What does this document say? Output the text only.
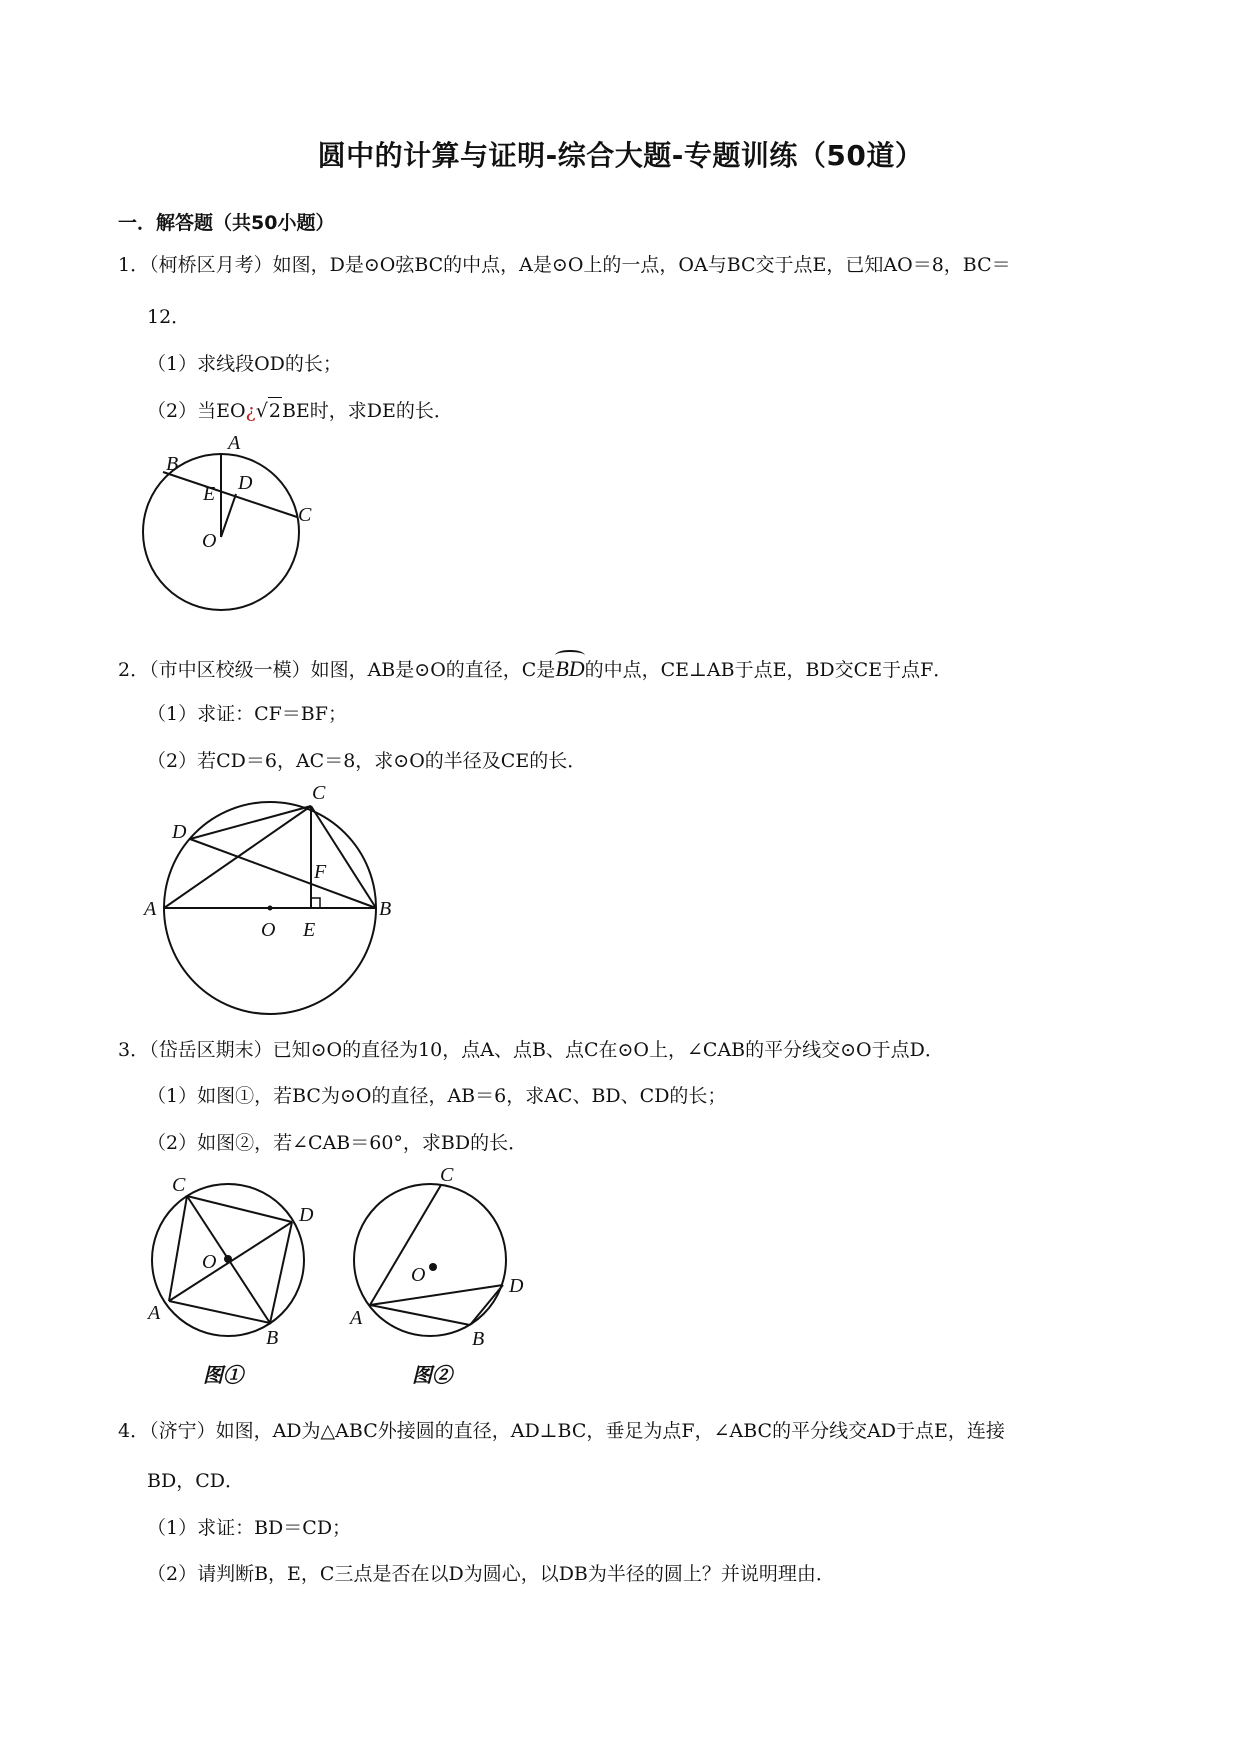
圆中的计算与证明-综合大题-专题训练（50道）
一．解答题（共50小题）
1．（柯桥区月考）如图，D是⊙O弦BC的中点，A是⊙O上的一点，OA与BC交于点E，已知AO＝8，BC＝
12．
（1）求线段OD的长；
（2）当EO¿√2BE时，求DE的长．
A
B
D
E
C
O
2．（市中区校级一模）如图，AB是⊙O的直径，C是BD的中点，CE⊥AB于点E，BD交CE于点F．
（1）求证：CF＝BF；
（2）若CD＝6，AC＝8，求⊙O的半径及CE的长．
C
D
F
A	B
O E
3．（岱岳区期末）已知⊙O的直径为10，点A、点B、点C在⊙O上，∠CAB的平分线交⊙O于点D．
（1）如图①，若BC为⊙O的直径，AB＝6，求AC、BD、CD的长；
（2）如图②，若∠CAB＝60°，求BD的长．
C
D
O
A
B
图①
C
O	D
A
B
图②
4．（济宁）如图，AD为△ABC外接圆的直径，AD⊥BC，垂足为点F，∠ABC的平分线交AD于点E，连接
BD，CD．
（1）求证：BD＝CD；
（2）请判断B，E，C三点是否在以D为圆心，以DB为半径的圆上？并说明理由．
